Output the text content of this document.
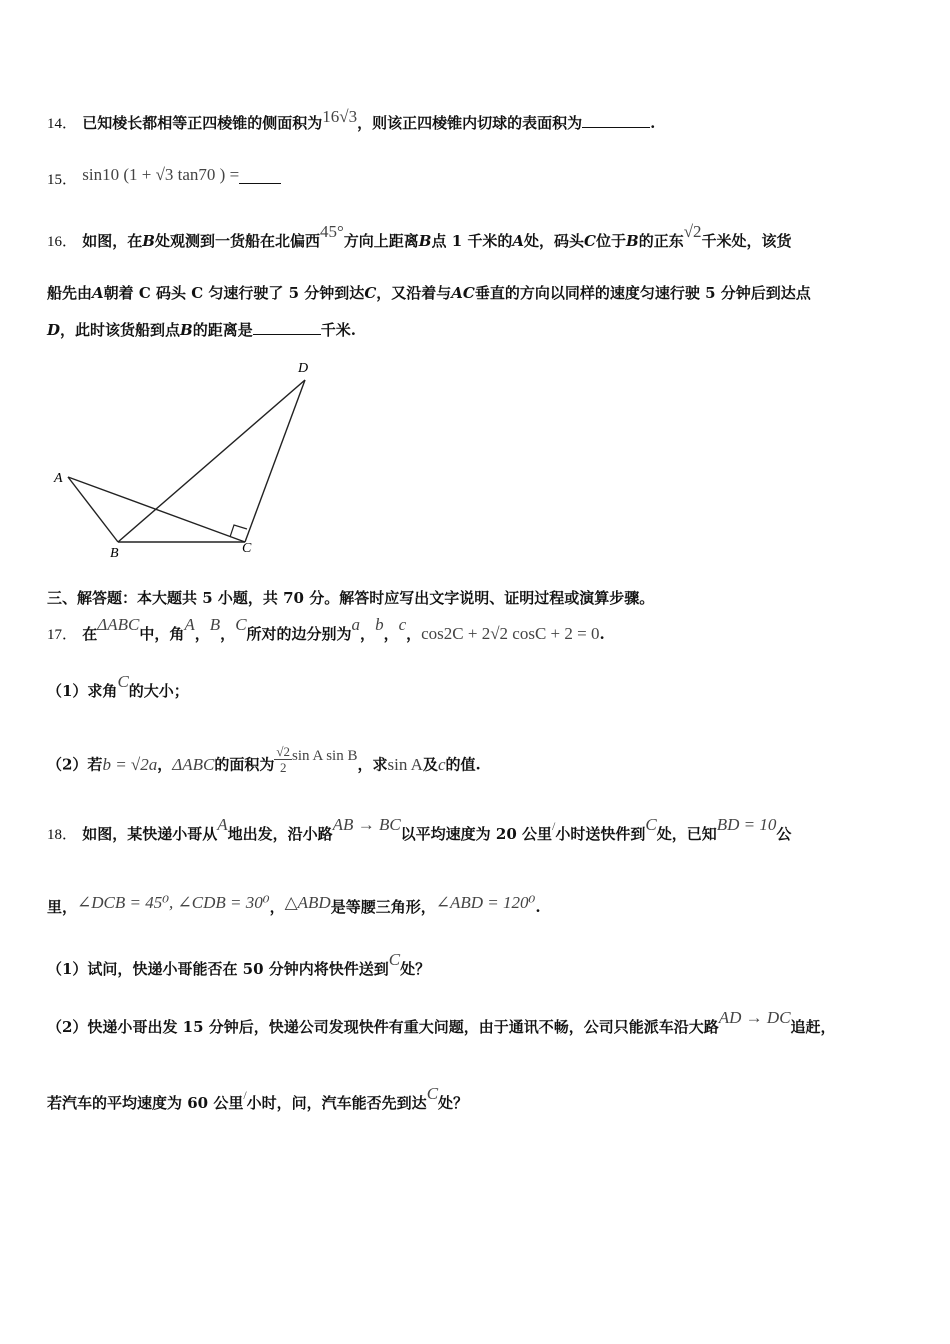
14． 已知棱长都相等正四棱锥的侧面积为16√3，则该正四棱锥内切球的表面积为	.
15． sin10 (1 + √3 tan70 ) =
16． 如图，在B处观测到一货船在北偏西45°方向上距离B点 1 千米的A处，码头C位于B的正东√2千米处，该货
船先由A朝着 C 码头 C 匀速行驶了 5 分钟到达C，又沿着与AC垂直的方向以同样的速度匀速行驶 5 分钟后到达点
D，此时该货船到点B的距离是	千米.
D
A
B	C
三、解答题：本大题共 5 小题，共 70 分。解答时应写出文字说明、证明过程或演算步骤。
17． 在ΔABC中，角A，B，C所对的边分别为a，b，c，cos2C + 2√2 cosC + 2 = 0.
（1）求角C的大小；
（2）若b = √2a，ΔABC的面积为 $\frac{√2}{2}$ sin A sin B，求sin A及c的值.
18． 如图，某快递小哥从A地出发，沿小路AB → BC以平均速度为 20 公里/小时送快件到C处，已知BD = 10公
里，∠DCB = 45⁰, ∠CDB = 30⁰，△ABD是等腰三角形，∠ABD = 120⁰.
（1）试问，快递小哥能否在 50 分钟内将快件送到C处？
（2）快递小哥出发 15 分钟后，快递公司发现快件有重大问题，由于通讯不畅，公司只能派车沿大路AD → DC追赶，
若汽车的平均速度为 60 公里/小时，问，汽车能否先到达C处？
